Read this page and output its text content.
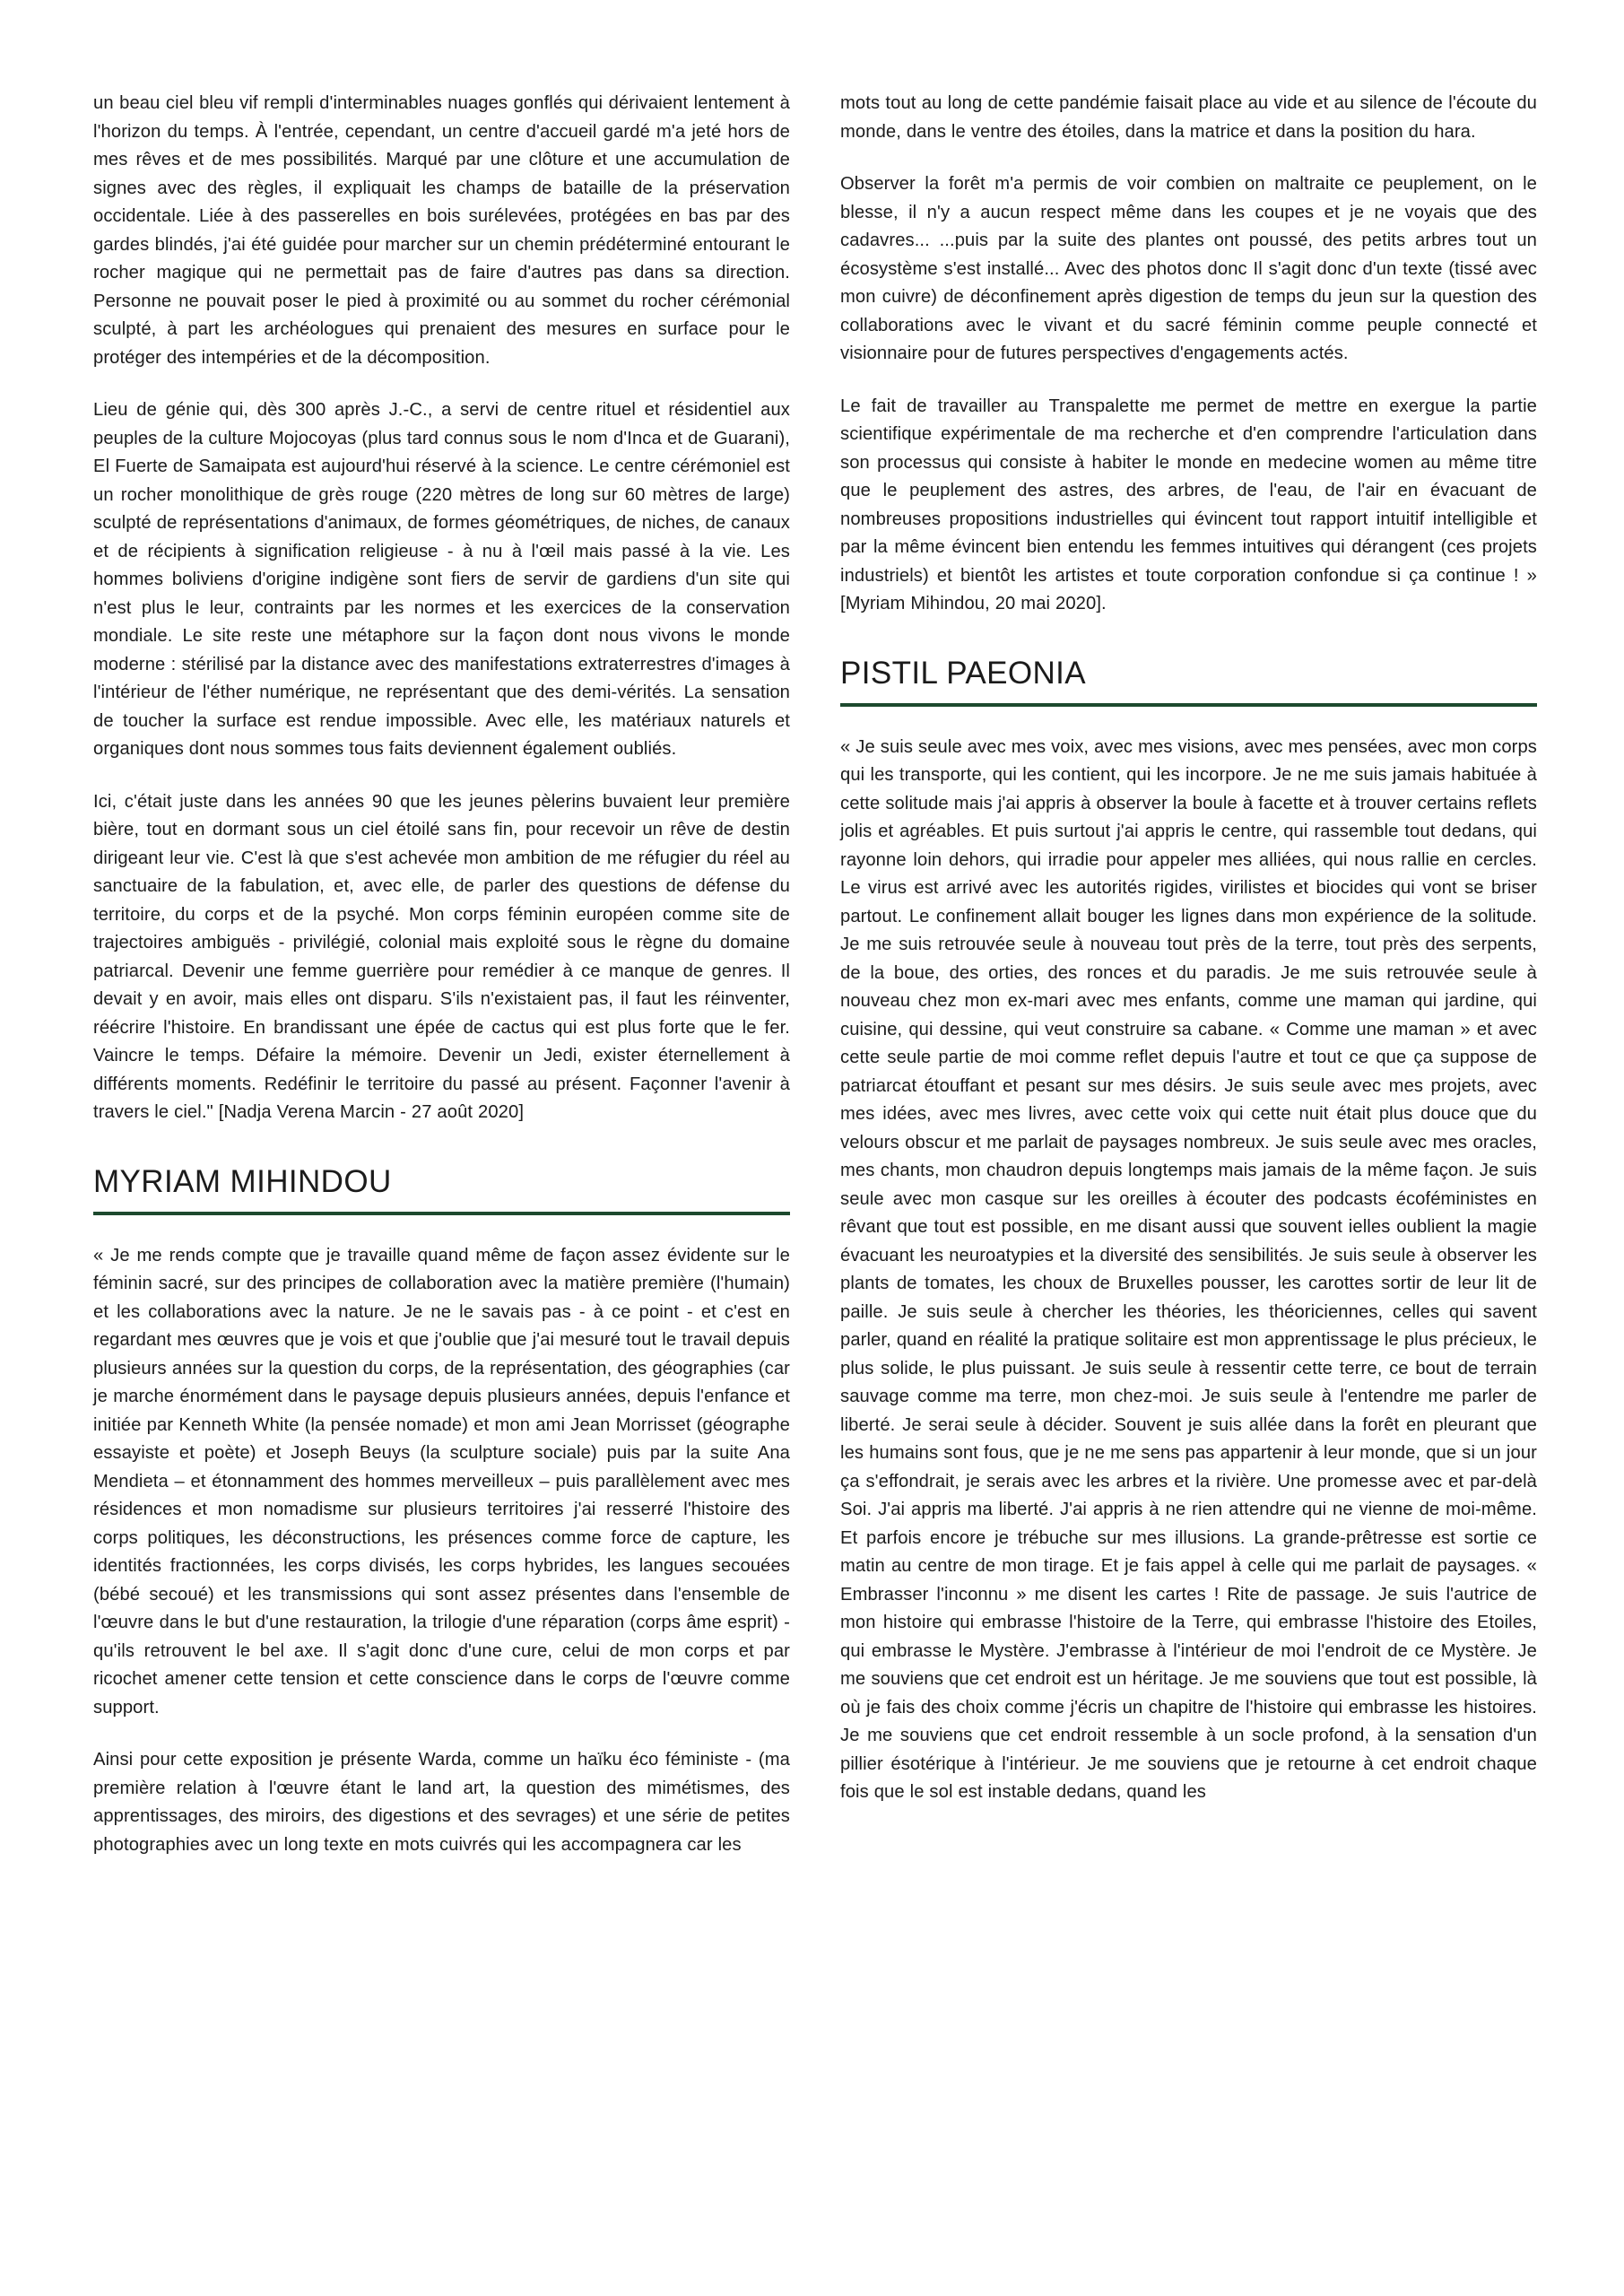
un beau ciel bleu vif rempli d'interminables nuages gonflés qui dérivaient lentement à l'horizon du temps. À l'entrée, cependant, un centre d'accueil gardé m'a jeté hors de mes rêves et de mes possibilités. Marqué par une clôture et une accumulation de signes avec des règles, il expliquait les champs de bataille de la préservation occidentale. Liée à des passerelles en bois surélevées, protégées en bas par des gardes blindés, j'ai été guidée pour marcher sur un chemin prédéterminé entourant le rocher magique qui ne permettait pas de faire d'autres pas dans sa direction. Personne ne pouvait poser le pied à proximité ou au sommet du rocher cérémonial sculpté, à part les archéologues qui prenaient des mesures en surface pour le protéger des intempéries et de la décomposition.

Lieu de génie qui, dès 300 après J.-C., a servi de centre rituel et résidentiel aux peuples de la culture Mojocoyas (plus tard connus sous le nom d'Inca et de Guarani), El Fuerte de Samaipata est aujourd'hui réservé à la science. Le centre cérémoniel est un rocher monolithique de grès rouge (220 mètres de long sur 60 mètres de large) sculpté de représentations d'animaux, de formes géométriques, de niches, de canaux et de récipients à signification religieuse - à nu à l'œil mais passé à la vie. Les hommes boliviens d'origine indigène sont fiers de servir de gardiens d'un site qui n'est plus le leur, contraints par les normes et les exercices de la conservation mondiale. Le site reste une métaphore sur la façon dont nous vivons le monde moderne : stérilisé par la distance avec des manifestations extraterrestres d'images à l'intérieur de l'éther numérique, ne représentant que des demi-vérités. La sensation de toucher la surface est rendue impossible. Avec elle, les matériaux naturels et organiques dont nous sommes tous faits deviennent également oubliés.

Ici, c'était juste dans les années 90 que les jeunes pèlerins buvaient leur première bière, tout en dormant sous un ciel étoilé sans fin, pour recevoir un rêve de destin dirigeant leur vie. C'est là que s'est achevée mon ambition de me réfugier du réel au sanctuaire de la fabulation, et, avec elle, de parler des questions de défense du territoire, du corps et de la psyché. Mon corps féminin européen comme site de trajectoires ambiguës - privilégié, colonial mais exploité sous le règne du domaine patriarcal. Devenir une femme guerrière pour remédier à ce manque de genres. Il devait y en avoir, mais elles ont disparu. S'ils n'existaient pas, il faut les réinventer, réécrire l'histoire. En brandissant une épée de cactus qui est plus forte que le fer. Vaincre le temps. Défaire la mémoire. Devenir un Jedi, exister éternellement à différents moments. Redéfinir le territoire du passé au présent. Façonner l'avenir à travers le ciel." [Nadja Verena Marcin - 27 août 2020]

MYRIAM MIHINDOU

« Je me rends compte que je travaille quand même de façon assez évidente sur le féminin sacré, sur des principes de collaboration avec la matière première (l'humain) et les collaborations avec la nature. Je ne le savais pas - à ce point - et c'est en regardant mes œuvres que je vois et que j'oublie que j'ai mesuré tout le travail depuis plusieurs années sur la question du corps, de la représentation, des géographies (car je marche énormément dans le paysage depuis plusieurs années, depuis l'enfance et initiée par Kenneth White (la pensée nomade) et mon ami Jean Morrisset (géographe essayiste et poète) et Joseph Beuys (la sculpture sociale) puis par la suite Ana Mendieta – et étonnamment des hommes merveilleux – puis parallèlement avec mes résidences et mon nomadisme sur plusieurs territoires j'ai resserré l'histoire des corps politiques, les déconstructions, les présences comme force de capture, les identités fractionnées, les corps divisés, les corps hybrides, les langues secouées (bébé secoué) et les transmissions qui sont assez présentes dans l'ensemble de l'œuvre dans le but d'une restauration, la trilogie d'une réparation (corps âme esprit) - qu'ils retrouvent le bel axe. Il s'agit donc d'une cure, celui de mon corps et par ricochet amener cette tension et cette conscience dans le corps de l'œuvre comme support.

Ainsi pour cette exposition je présente Warda, comme un haïku éco féministe - (ma première relation à l'œuvre étant le land art, la question des mimétismes, des apprentissages, des miroirs, des digestions et des sevrages) et une série de petites photographies avec un long texte en mots cuivrés qui les accompagnera car les

mots tout au long de cette pandémie faisait place au vide et au silence de l'écoute du monde, dans le ventre des étoiles, dans la matrice et dans la position du hara.

Observer la forêt m'a permis de voir combien on maltraite ce peuplement, on le blesse, il n'y a aucun respect même dans les coupes et je ne voyais que des cadavres... ...puis par la suite des plantes ont poussé, des petits arbres tout un écosystème s'est installé... Avec des photos donc Il s'agit donc d'un texte (tissé avec mon cuivre) de déconfinement après digestion de temps du jeun sur la question des collaborations avec le vivant et du sacré féminin comme peuple connecté et visionnaire pour de futures perspectives d'engagements actés.

Le fait de travailler au Transpalette me permet de mettre en exergue la partie scientifique expérimentale de ma recherche et d'en comprendre l'articulation dans son processus qui consiste à habiter le monde en medecine women au même titre que le peuplement des astres, des arbres, de l'eau, de l'air en évacuant de nombreuses propositions industrielles qui évincent tout rapport intuitif intelligible et par la même évincent bien entendu les femmes intuitives qui dérangent (ces projets industriels) et bientôt les artistes et toute corporation confondue si ça continue ! » [Myriam Mihindou, 20 mai 2020].

PISTIL PAEONIA

« Je suis seule avec mes voix, avec mes visions, avec mes pensées, avec mon corps qui les transporte, qui les contient, qui les incorpore. Je ne me suis jamais habituée à cette solitude mais j'ai appris à observer la boule à facette et à trouver certains reflets jolis et agréables. Et puis surtout j'ai appris le centre, qui rassemble tout dedans, qui rayonne loin dehors, qui irradie pour appeler mes alliées, qui nous rallie en cercles. Le virus est arrivé avec les autorités rigides, virilistes et biocides qui vont se briser partout. Le confinement allait bouger les lignes dans mon expérience de la solitude. Je me suis retrouvée seule à nouveau tout près de la terre, tout près des serpents, de la boue, des orties, des ronces et du paradis. Je me suis retrouvée seule à nouveau chez mon ex-mari avec mes enfants, comme une maman qui jardine, qui cuisine, qui dessine, qui veut construire sa cabane. « Comme une maman » et avec cette seule partie de moi comme reflet depuis l'autre et tout ce que ça suppose de patriarcat étouffant et pesant sur mes désirs. Je suis seule avec mes projets, avec mes idées, avec mes livres, avec cette voix qui cette nuit était plus douce que du velours obscur et me parlait de paysages nombreux. Je suis seule avec mes oracles, mes chants, mon chaudron depuis longtemps mais jamais de la même façon. Je suis seule avec mon casque sur les oreilles à écouter des podcasts écoféministes en rêvant que tout est possible, en me disant aussi que souvent ielles oublient la magie évacuant les neuroatypies et la diversité des sensibilités. Je suis seule à observer les plants de tomates, les choux de Bruxelles pousser, les carottes sortir de leur lit de paille. Je suis seule à chercher les théories, les théoriciennes, celles qui savent parler, quand en réalité la pratique solitaire est mon apprentissage le plus précieux, le plus solide, le plus puissant. Je suis seule à ressentir cette terre, ce bout de terrain sauvage comme ma terre, mon chez-moi. Je suis seule à l'entendre me parler de liberté. Je serai seule à décider. Souvent je suis allée dans la forêt en pleurant que les humains sont fous, que je ne me sens pas appartenir à leur monde, que si un jour ça s'effondrait, je serais avec les arbres et la rivière. Une promesse avec et par-delà Soi. J'ai appris ma liberté. J'ai appris à ne rien attendre qui ne vienne de moi-même. Et parfois encore je trébuche sur mes illusions. La grande-prêtresse est sortie ce matin au centre de mon tirage. Et je fais appel à celle qui me parlait de paysages. « Embrasser l'inconnu » me disent les cartes ! Rite de passage. Je suis l'autrice de mon histoire qui embrasse l'histoire de la Terre, qui embrasse l'histoire des Etoiles, qui embrasse le Mystère. J'embrasse à l'intérieur de moi l'endroit de ce Mystère. Je me souviens que cet endroit est un héritage. Je me souviens que tout est possible, là où je fais des choix comme j'écris un chapitre de l'histoire qui embrasse les histoires. Je me souviens que cet endroit ressemble à un socle profond, à la sensation d'un pillier ésotérique à l'intérieur. Je me souviens que je retourne à cet endroit chaque fois que le sol est instable dedans, quand les
